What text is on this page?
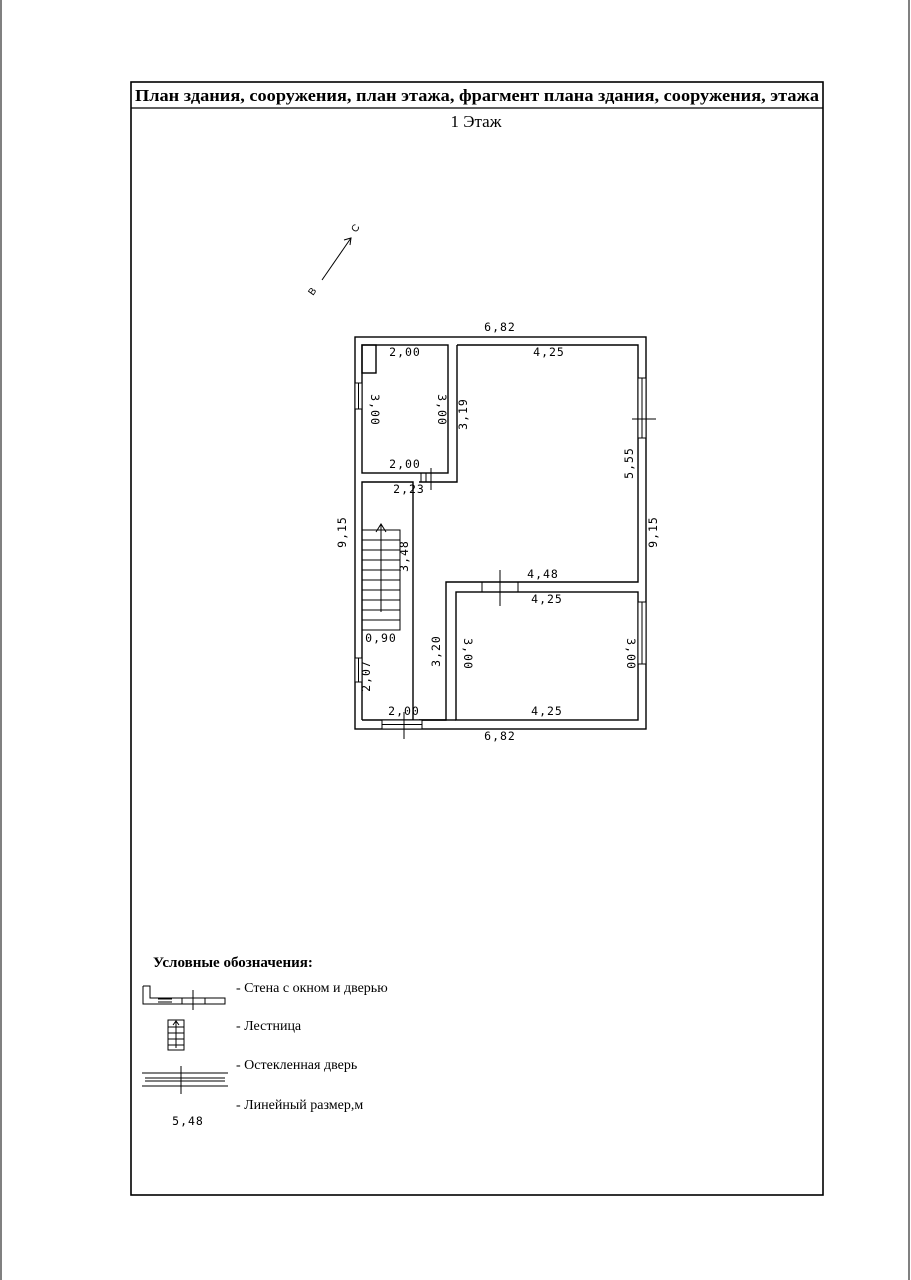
План здания, сооружения, план этажа, фрагмент плана здания, сооружения, этажа
1 Этаж
С
В
6,82
6,82
9,15	9,15
2,00
2,00
3,00	3,00 3,19
4,25
5,55
4,48
2,23
3,48
0,90
2,07
3,20
2,00
4,25
4,25
3,00	3,00
Условные обозначения:
- Стена с окном и дверью
- Лестница
- Остекленная дверь
5,48
- Линейный размер,м
